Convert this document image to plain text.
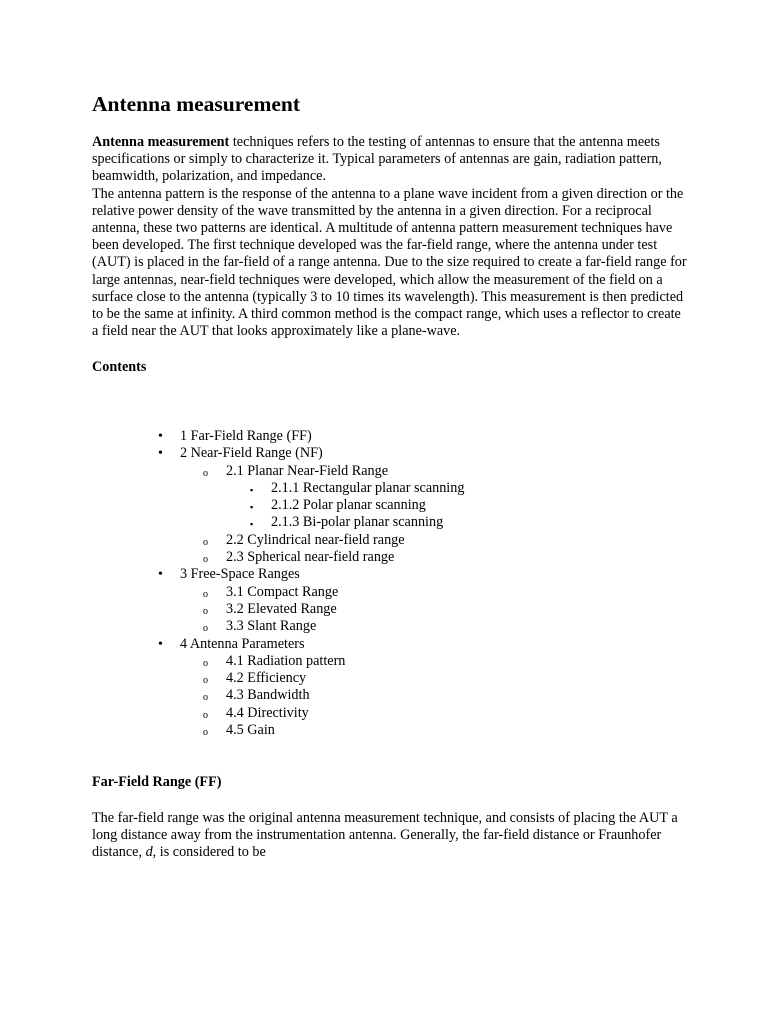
Antenna measurement

Antenna measurement techniques refers to the testing of antennas to ensure that the antenna meets specifications or simply to characterize it. Typical parameters of antennas are gain, radiation pattern, beamwidth, polarization, and impedance.
The antenna pattern is the response of the antenna to a plane wave incident from a given direction or the relative power density of the wave transmitted by the antenna in a given direction. For a reciprocal antenna, these two patterns are identical. A multitude of antenna pattern measurement techniques have been developed. The first technique developed was the far-field range, where the antenna under test (AUT) is placed in the far-field of a range antenna. Due to the size required to create a far-field range for large antennas, near-field techniques were developed, which allow the measurement of the field on a surface close to the antenna (typically 3 to 10 times its wavelength). This measurement is then predicted to be the same at infinity. A third common method is the compact range, which uses a reflector to create a field near the AUT that looks approximately like a plane-wave.

Contents

• 1 Far-Field Range (FF)
• 2 Near-Field Range (NF)
o 2.1 Planar Near-Field Range
▪ 2.1.1 Rectangular planar scanning
▪ 2.1.2 Polar planar scanning
▪ 2.1.3 Bi-polar planar scanning
o 2.2 Cylindrical near-field range
o 2.3 Spherical near-field range
• 3 Free-Space Ranges
o 3.1 Compact Range
o 3.2 Elevated Range
o 3.3 Slant Range
• 4 Antenna Parameters
o 4.1 Radiation pattern
o 4.2 Efficiency
o 4.3 Bandwidth
o 4.4 Directivity
o 4.5 Gain
Far-Field Range (FF)

The far-field range was the original antenna measurement technique, and consists of placing the AUT a long distance away from the instrumentation antenna. Generally, the far-field distance or Fraunhofer distance, d, is considered to be
